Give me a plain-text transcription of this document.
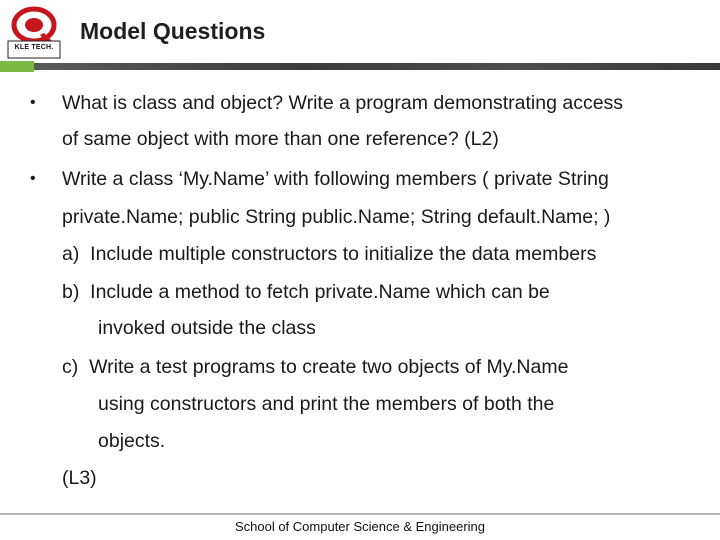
KLE TECH.
Model Questions
• What is class and object? Write a program demonstrating access
of same object with more than one reference? (L2)
• Write a class ‘My.Name’ with following members ( private String
private.Name; public String public.Name; String default.Name; )
a)  Include multiple constructors to initialize the data members
b)  Include a method to fetch private.Name which can be
invoked outside the class
c)  Write a test programs to create two objects of My.Name
using constructors and print the members of both the
objects.
(L3)
School of Computer Science & Engineering
